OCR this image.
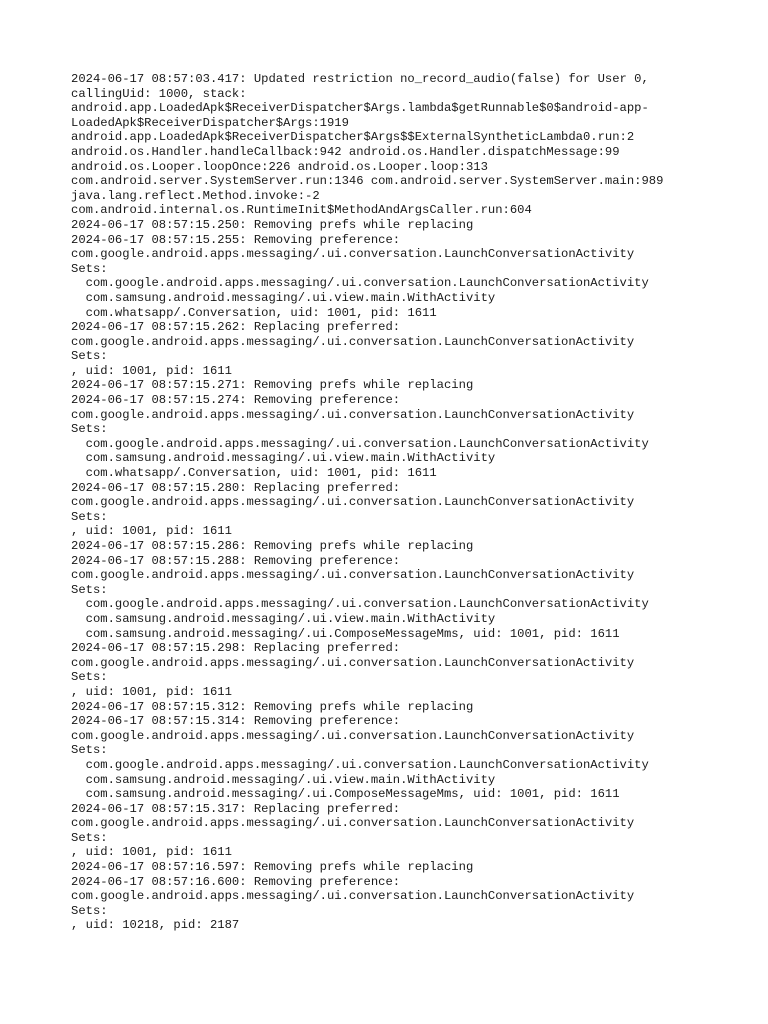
2024-06-17 08:57:03.417: Updated restriction no_record_audio(false) for User 0,
callingUid: 1000, stack:
android.app.LoadedApk$ReceiverDispatcher$Args.lambda$getRunnable$0$android-app-
LoadedApk$ReceiverDispatcher$Args:1919
android.app.LoadedApk$ReceiverDispatcher$Args$$ExternalSyntheticLambda0.run:2
android.os.Handler.handleCallback:942 android.os.Handler.dispatchMessage:99
android.os.Looper.loopOnce:226 android.os.Looper.loop:313
com.android.server.SystemServer.run:1346 com.android.server.SystemServer.main:989
java.lang.reflect.Method.invoke:-2
com.android.internal.os.RuntimeInit$MethodAndArgsCaller.run:604
2024-06-17 08:57:15.250: Removing prefs while replacing
2024-06-17 08:57:15.255: Removing preference:
com.google.android.apps.messaging/.ui.conversation.LaunchConversationActivity
Sets:
com.google.android.apps.messaging/.ui.conversation.LaunchConversationActivity
com.samsung.android.messaging/.ui.view.main.WithActivity
com.whatsapp/.Conversation, uid: 1001, pid: 1611
2024-06-17 08:57:15.262: Replacing preferred:
com.google.android.apps.messaging/.ui.conversation.LaunchConversationActivity
Sets:
, uid: 1001, pid: 1611
2024-06-17 08:57:15.271: Removing prefs while replacing
2024-06-17 08:57:15.274: Removing preference:
com.google.android.apps.messaging/.ui.conversation.LaunchConversationActivity
Sets:
com.google.android.apps.messaging/.ui.conversation.LaunchConversationActivity
com.samsung.android.messaging/.ui.view.main.WithActivity
com.whatsapp/.Conversation, uid: 1001, pid: 1611
2024-06-17 08:57:15.280: Replacing preferred:
com.google.android.apps.messaging/.ui.conversation.LaunchConversationActivity
Sets:
, uid: 1001, pid: 1611
2024-06-17 08:57:15.286: Removing prefs while replacing
2024-06-17 08:57:15.288: Removing preference:
com.google.android.apps.messaging/.ui.conversation.LaunchConversationActivity
Sets:
com.google.android.apps.messaging/.ui.conversation.LaunchConversationActivity
com.samsung.android.messaging/.ui.view.main.WithActivity
com.samsung.android.messaging/.ui.ComposeMessageMms, uid: 1001, pid: 1611
2024-06-17 08:57:15.298: Replacing preferred:
com.google.android.apps.messaging/.ui.conversation.LaunchConversationActivity
Sets:
, uid: 1001, pid: 1611
2024-06-17 08:57:15.312: Removing prefs while replacing
2024-06-17 08:57:15.314: Removing preference:
com.google.android.apps.messaging/.ui.conversation.LaunchConversationActivity
Sets:
com.google.android.apps.messaging/.ui.conversation.LaunchConversationActivity
com.samsung.android.messaging/.ui.view.main.WithActivity
com.samsung.android.messaging/.ui.ComposeMessageMms, uid: 1001, pid: 1611
2024-06-17 08:57:15.317: Replacing preferred:
com.google.android.apps.messaging/.ui.conversation.LaunchConversationActivity
Sets:
, uid: 1001, pid: 1611
2024-06-17 08:57:16.597: Removing prefs while replacing
2024-06-17 08:57:16.600: Removing preference:
com.google.android.apps.messaging/.ui.conversation.LaunchConversationActivity
Sets:
, uid: 10218, pid: 2187
